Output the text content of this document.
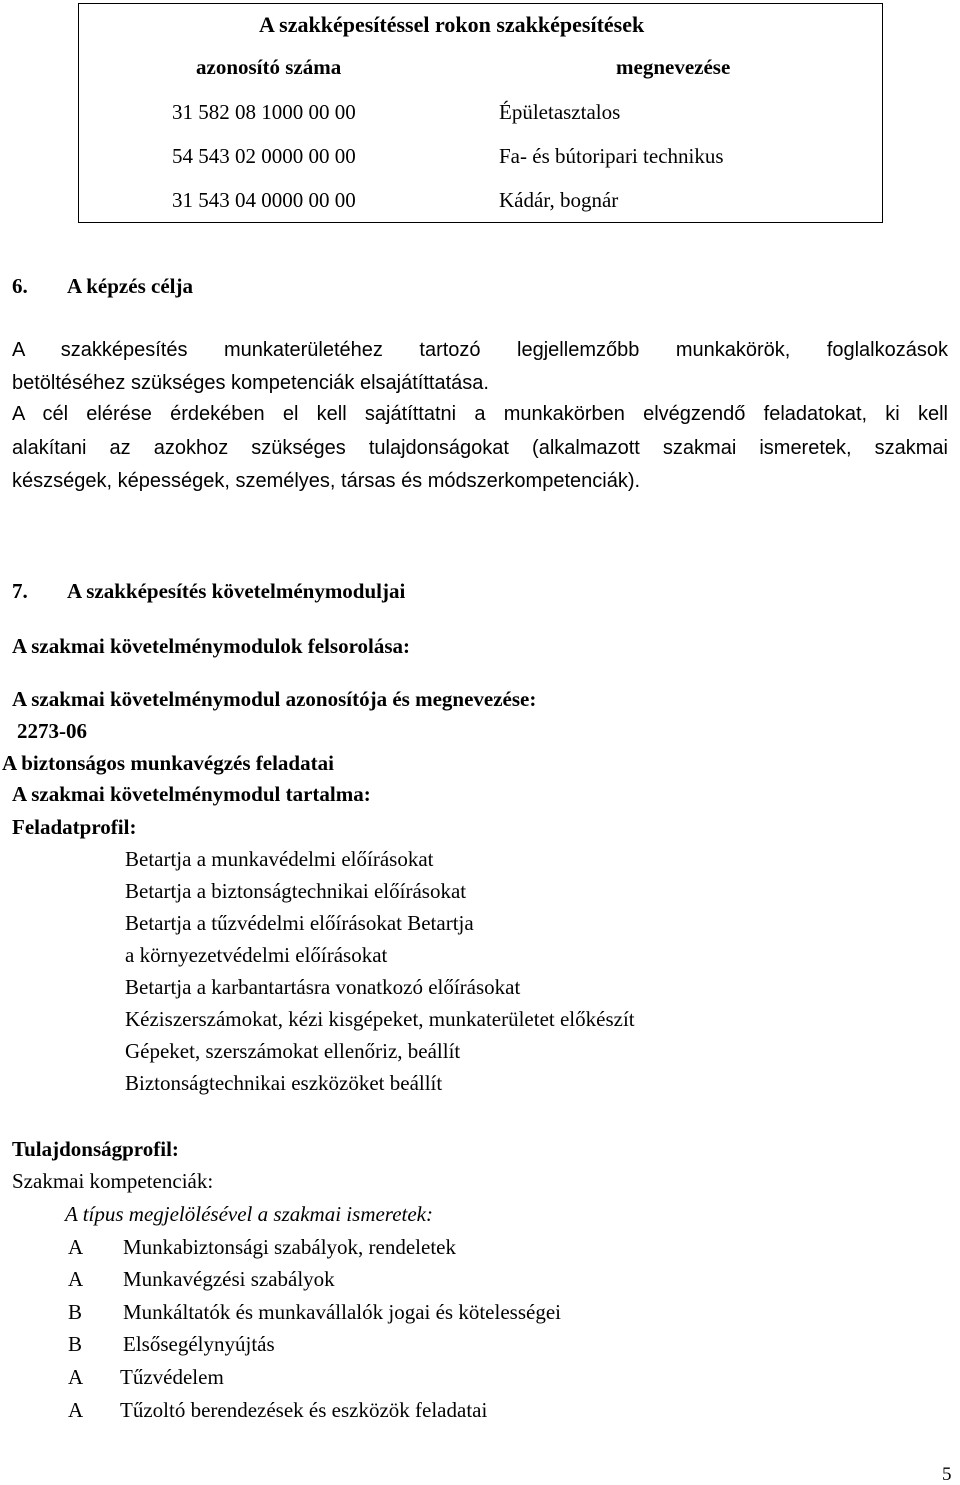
A szakképesítéssel rokon szakképesítések
azonosító száma	megnevezése
31 582 08 1000 00 00	Épületasztalos
54 543 02 0000 00 00	Fa- és bútoripari technikus
31 543 04 0000 00 00	Kádár, bognár
6. A képzés célja
A szakképesítés munkaterületéhez tartozó legjellemzőbb munkakörök, foglalkozások
betöltéséhez szükséges kompetenciák elsajátíttatása.
A cél elérése érdekében el kell sajátíttatni a munkakörben elvégzendő feladatokat, ki kell
alakítani az azokhoz szükséges tulajdonságokat (alkalmazott szakmai ismeretek, szakmai
készségek, képességek, személyes, társas és módszerkompetenciák).
7. A szakképesítés követelménymoduljai
A szakmai követelménymodulok felsorolása:
A szakmai követelménymodul azonosítója és megnevezése:
2273-06
A biztonságos munkavégzés feladatai
A szakmai követelménymodul tartalma:
Feladatprofil:
Betartja a munkavédelmi előírásokat
Betartja a biztonságtechnikai előírásokat
Betartja a tűzvédelmi előírásokat Betartja
a környezetvédelmi előírásokat
Betartja a karbantartásra vonatkozó előírásokat
Kéziszerszámokat, kézi kisgépeket, munkaterületet előkészít
Gépeket, szerszámokat ellenőriz, beállít
Biztonságtechnikai eszközöket beállít
Tulajdonságprofil:
Szakmai kompetenciák:
A típus megjelölésével a szakmai ismeretek:
A Munkabiztonsági szabályok, rendeletek
A Munkavégzési szabályok
B Munkáltatók és munkavállalók jogai és kötelességei
B Elsősegélynyújtás
A Tűzvédelem
A Tűzoltó berendezések és eszközök feladatai
5
